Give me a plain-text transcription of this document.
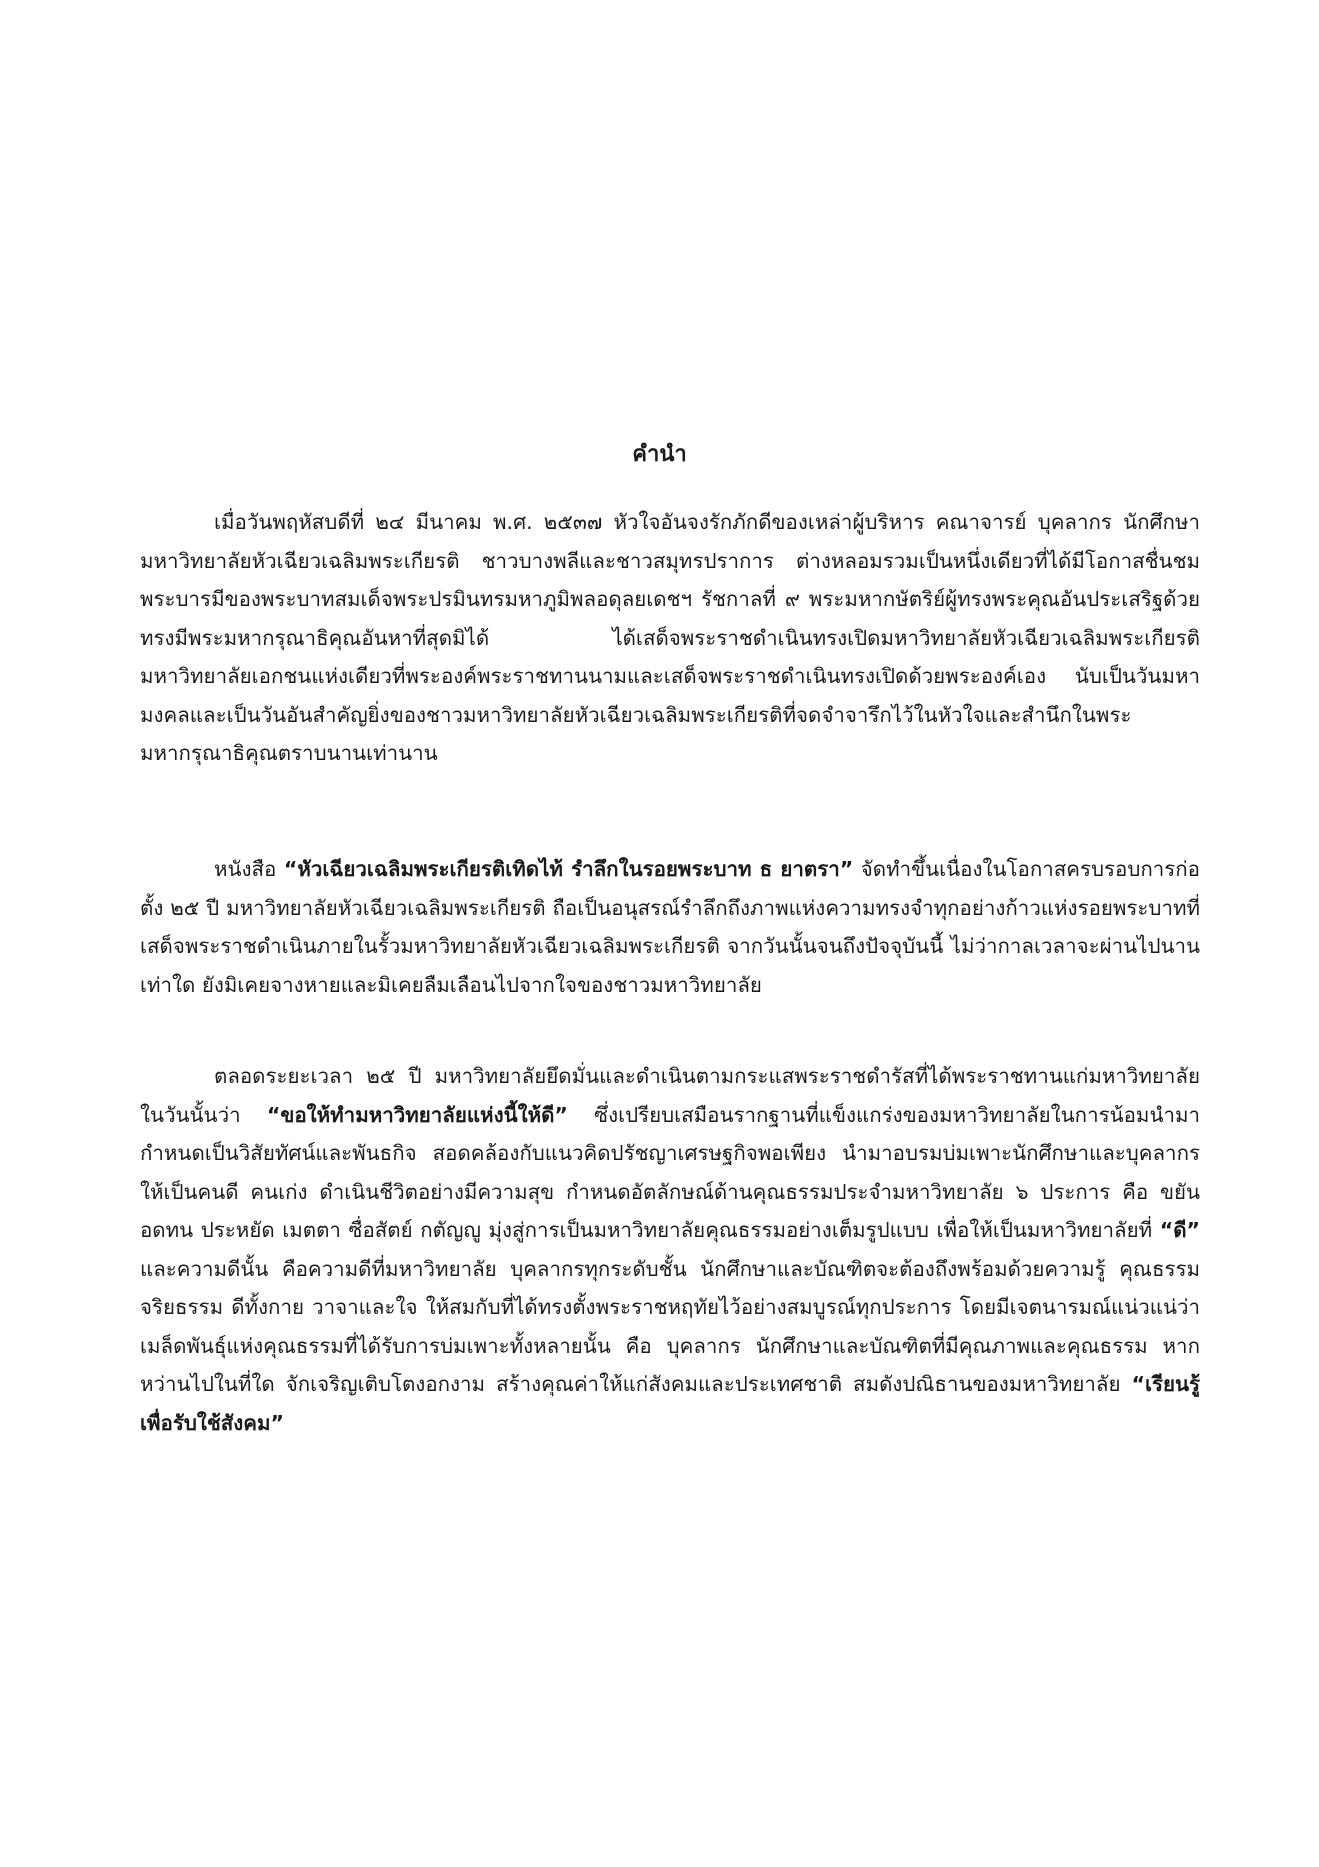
คำนำ

เมื่อวันพฤหัสบดีที่ ๒๔ มีนาคม พ.ศ. ๒๕๓๗ หัวใจอันจงรักภักดีของเหล่าผู้บริหาร คณาจารย์ บุคลากร นักศึกษามหาวิทยาลัยหัวเฉียวเฉลิมพระเกียรติ ชาวบางพลีและชาวสมุทรปราการ ต่างหลอมรวมเป็นหนึ่งเดียวที่ได้มีโอกาสชื่นชมพระบารมีของพระบาทสมเด็จพระปรมินทรมหาภูมิพลอดุลยเดชฯ รัชกาลที่ ๙ พระมหากษัตริย์ผู้ทรงพระคุณอันประเสริฐด้วยทรงมีพระมหากรุณาธิคุณอันหาที่สุดมิได้ ได้เสด็จพระราชดำเนินทรงเปิดมหาวิทยาลัยหัวเฉียวเฉลิมพระเกียรติ มหาวิทยาลัยเอกชนแห่งเดียวที่พระองค์พระราชทานนามและเสด็จพระราชดำเนินทรงเปิดด้วยพระองค์เอง นับเป็นวันมหามงคลและเป็นวันอันสำคัญยิ่งของชาวมหาวิทยาลัยหัวเฉียวเฉลิมพระเกียรติที่จดจำจารึกไว้ในหัวใจและสำนึกในพระมหากรุณาธิคุณตราบนานเท่านาน

หนังสือ “หัวเฉียวเฉลิมพระเกียรติเทิดไท้ รำลึกในรอยพระบาท ธ ยาตรา” จัดทำขึ้นเนื่องในโอกาสครบรอบการก่อตั้ง ๒๕ ปี มหาวิทยาลัยหัวเฉียวเฉลิมพระเกียรติ ถือเป็นอนุสรณ์รำลึกถึงภาพแห่งความทรงจำทุกอย่างก้าวแห่งรอยพระบาทที่เสด็จพระราชดำเนินภายในรั้วมหาวิทยาลัยหัวเฉียวเฉลิมพระเกียรติ จากวันนั้นจนถึงปัจจุบันนี้ ไม่ว่ากาลเวลาจะผ่านไปนานเท่าใด ยังมิเคยจางหายและมิเคยลืมเลือนไปจากใจของชาวมหาวิทยาลัย

ตลอดระยะเวลา ๒๕ ปี มหาวิทยาลัยยึดมั่นและดำเนินตามกระแสพระราชดำรัสที่ได้พระราชทานแก่มหาวิทยาลัยในวันนั้นว่า “ขอให้ทำมหาวิทยาลัยแห่งนี้ให้ดี” ซึ่งเปรียบเสมือนรากฐานที่แข็งแกร่งของมหาวิทยาลัยในการน้อมนำมากำหนดเป็นวิสัยทัศน์และพันธกิจ สอดคล้องกับแนวคิดปรัชญาเศรษฐกิจพอเพียง นำมาอบรมบ่มเพาะนักศึกษาและบุคลากรให้เป็นคนดี คนเก่ง ดำเนินชีวิตอย่างมีความสุข กำหนดอัตลักษณ์ด้านคุณธรรมประจำมหาวิทยาลัย ๖ ประการ คือ ขยัน อดทน ประหยัด เมตตา ซื่อสัตย์ กตัญญู มุ่งสู่การเป็นมหาวิทยาลัยคุณธรรมอย่างเต็มรูปแบบ เพื่อให้เป็นมหาวิทยาลัยที่ “ดี” และความดีนั้น คือความดีที่มหาวิทยาลัย บุคลากรทุกระดับชั้น นักศึกษาและบัณฑิตจะต้องถึงพร้อมด้วยความรู้ คุณธรรมจริยธรรม ดีทั้งกาย วาจาและใจ ให้สมกับที่ได้ทรงตั้งพระราชหฤทัยไว้อย่างสมบูรณ์ทุกประการ โดยมีเจตนารมณ์แน่วแน่ว่า เมล็ดพันธุ์แห่งคุณธรรมที่ได้รับการบ่มเพาะทั้งหลายนั้น คือ บุคลากร นักศึกษาและบัณฑิตที่มีคุณภาพและคุณธรรม หากหว่านไปในที่ใด จักเจริญเติบโตงอกงาม สร้างคุณค่าให้แก่สังคมและประเทศชาติ สมดังปณิธานของมหาวิทยาลัย “เรียนรู้เพื่อรับใช้สังคม”
